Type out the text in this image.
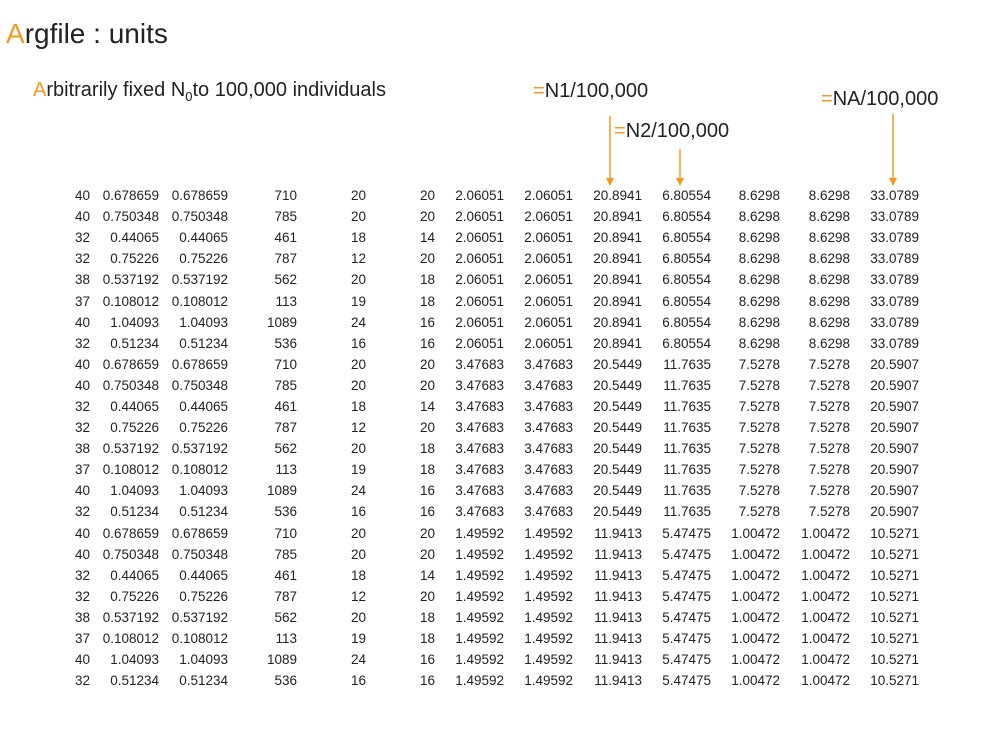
Argfile : units
Arbitrarily fixed $N_0to$ 100,000 individuals	=N1/100,000
=N2/100,000
=NA/100,000
40	0.678659	0.678659	710	20	20	2.06051	2.06051	20.8941	6.80554	8.6298	8.6298	33.0789
40	0.750348	0.750348	785	20	20	2.06051	2.06051	20.8941	6.80554	8.6298	8.6298	33.0789
32	0.44065	0.44065	461	18	14	2.06051	2.06051	20.8941	6.80554	8.6298	8.6298	33.0789
32	0.75226	0.75226	787	12	20	2.06051	2.06051	20.8941	6.80554	8.6298	8.6298	33.0789
38	0.537192	0.537192	562	20	18	2.06051	2.06051	20.8941	6.80554	8.6298	8.6298	33.0789
37	0.108012	0.108012	113	19	18	2.06051	2.06051	20.8941	6.80554	8.6298	8.6298	33.0789
40	1.04093	1.04093	1089	24	16	2.06051	2.06051	20.8941	6.80554	8.6298	8.6298	33.0789
32	0.51234	0.51234	536	16	16	2.06051	2.06051	20.8941	6.80554	8.6298	8.6298	33.0789
40	0.678659	0.678659	710	20	20	3.47683	3.47683	20.5449	11.7635	7.5278	7.5278	20.5907
40	0.750348	0.750348	785	20	20	3.47683	3.47683	20.5449	11.7635	7.5278	7.5278	20.5907
32	0.44065	0.44065	461	18	14	3.47683	3.47683	20.5449	11.7635	7.5278	7.5278	20.5907
32	0.75226	0.75226	787	12	20	3.47683	3.47683	20.5449	11.7635	7.5278	7.5278	20.5907
38	0.537192	0.537192	562	20	18	3.47683	3.47683	20.5449	11.7635	7.5278	7.5278	20.5907
37	0.108012	0.108012	113	19	18	3.47683	3.47683	20.5449	11.7635	7.5278	7.5278	20.5907
40	1.04093	1.04093	1089	24	16	3.47683	3.47683	20.5449	11.7635	7.5278	7.5278	20.5907
32	0.51234	0.51234	536	16	16	3.47683	3.47683	20.5449	11.7635	7.5278	7.5278	20.5907
40	0.678659	0.678659	710	20	20	1.49592	1.49592	11.9413	5.47475	1.00472	1.00472	10.5271
40	0.750348	0.750348	785	20	20	1.49592	1.49592	11.9413	5.47475	1.00472	1.00472	10.5271
32	0.44065	0.44065	461	18	14	1.49592	1.49592	11.9413	5.47475	1.00472	1.00472	10.5271
32	0.75226	0.75226	787	12	20	1.49592	1.49592	11.9413	5.47475	1.00472	1.00472	10.5271
38	0.537192	0.537192	562	20	18	1.49592	1.49592	11.9413	5.47475	1.00472	1.00472	10.5271
37	0.108012	0.108012	113	19	18	1.49592	1.49592	11.9413	5.47475	1.00472	1.00472	10.5271
40	1.04093	1.04093	1089	24	16	1.49592	1.49592	11.9413	5.47475	1.00472	1.00472	10.5271
32	0.51234	0.51234	536	16	16	1.49592	1.49592	11.9413	5.47475	1.00472	1.00472	10.5271
